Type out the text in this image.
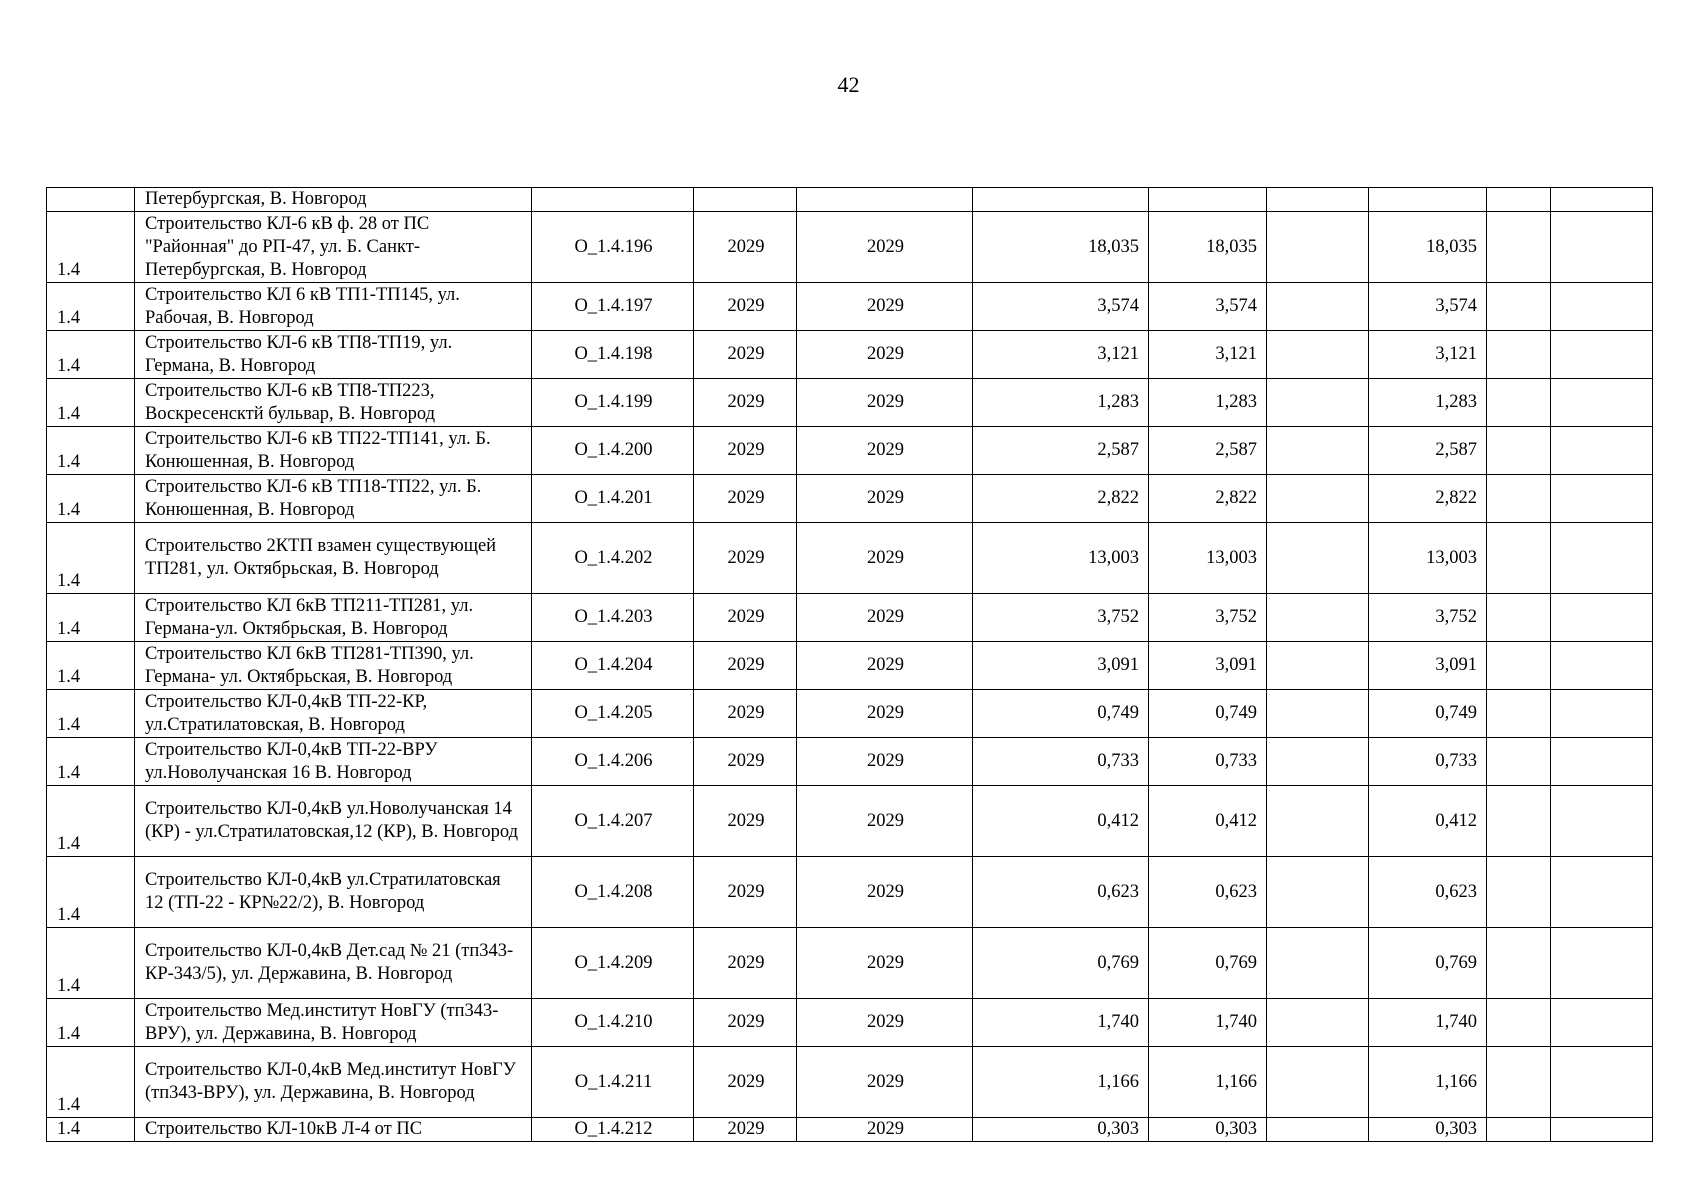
42
	Петербургская, В. Новгород									
1.4	Строительство КЛ-6 кВ ф. 28 от ПС "Районная" до РП-47, ул. Б. Санкт-Петербургская, В. Новгород	О_1.4.196	2029	2029	18,035	18,035		18,035		
1.4	Строительство КЛ 6 кВ ТП1-ТП145, ул. Рабочая, В. Новгород	О_1.4.197	2029	2029	3,574	3,574		3,574		
1.4	Строительство КЛ-6 кВ ТП8-ТП19, ул. Германа, В. Новгород	О_1.4.198	2029	2029	3,121	3,121		3,121		
1.4	Строительство КЛ-6 кВ ТП8-ТП223, Воскресенсктй бульвар, В. Новгород	О_1.4.199	2029	2029	1,283	1,283		1,283		
1.4	Строительство КЛ-6 кВ ТП22-ТП141, ул. Б. Конюшенная, В. Новгород	О_1.4.200	2029	2029	2,587	2,587		2,587		
1.4	Строительство КЛ-6 кВ ТП18-ТП22, ул. Б. Конюшенная, В. Новгород	О_1.4.201	2029	2029	2,822	2,822		2,822		
1.4	Строительство 2КТП взамен существующей ТП281, ул. Октябрьская, В. Новгород	О_1.4.202	2029	2029	13,003	13,003		13,003		
1.4	Строительство КЛ 6кВ ТП211-ТП281, ул. Германа-ул. Октябрьская, В. Новгород	О_1.4.203	2029	2029	3,752	3,752		3,752		
1.4	Строительство КЛ 6кВ ТП281-ТП390, ул. Германа- ул. Октябрьская, В. Новгород	О_1.4.204	2029	2029	3,091	3,091		3,091		
1.4	Строительство КЛ-0,4кВ ТП-22-КР, ул.Стратилатовская, В. Новгород	О_1.4.205	2029	2029	0,749	0,749		0,749		
1.4	Строительство КЛ-0,4кВ ТП-22-ВРУ ул.Новолучанская 16 В. Новгород	О_1.4.206	2029	2029	0,733	0,733		0,733		
1.4	Строительство КЛ-0,4кВ ул.Новолучанская 14 (КР) - ул.Стратилатовская,12 (КР), В. Новгород	О_1.4.207	2029	2029	0,412	0,412		0,412		
1.4	Строительство КЛ-0,4кВ ул.Стратилатовская 12 (ТП-22 - КР№22/2), В. Новгород	О_1.4.208	2029	2029	0,623	0,623		0,623		
1.4	Строительство КЛ-0,4кВ Дет.сад № 21 (тп343-КР-343/5), ул. Державина, В. Новгород	О_1.4.209	2029	2029	0,769	0,769		0,769		
1.4	Строительство Мед.институт НовГУ (тп343-ВРУ), ул. Державина, В. Новгород	О_1.4.210	2029	2029	1,740	1,740		1,740		
1.4	Строительство КЛ-0,4кВ Мед.институт НовГУ (тп343-ВРУ), ул. Державина, В. Новгород	О_1.4.211	2029	2029	1,166	1,166		1,166		
1.4	Строительство КЛ-10кВ Л-4 от ПС	О_1.4.212	2029	2029	0,303	0,303		0,303		
